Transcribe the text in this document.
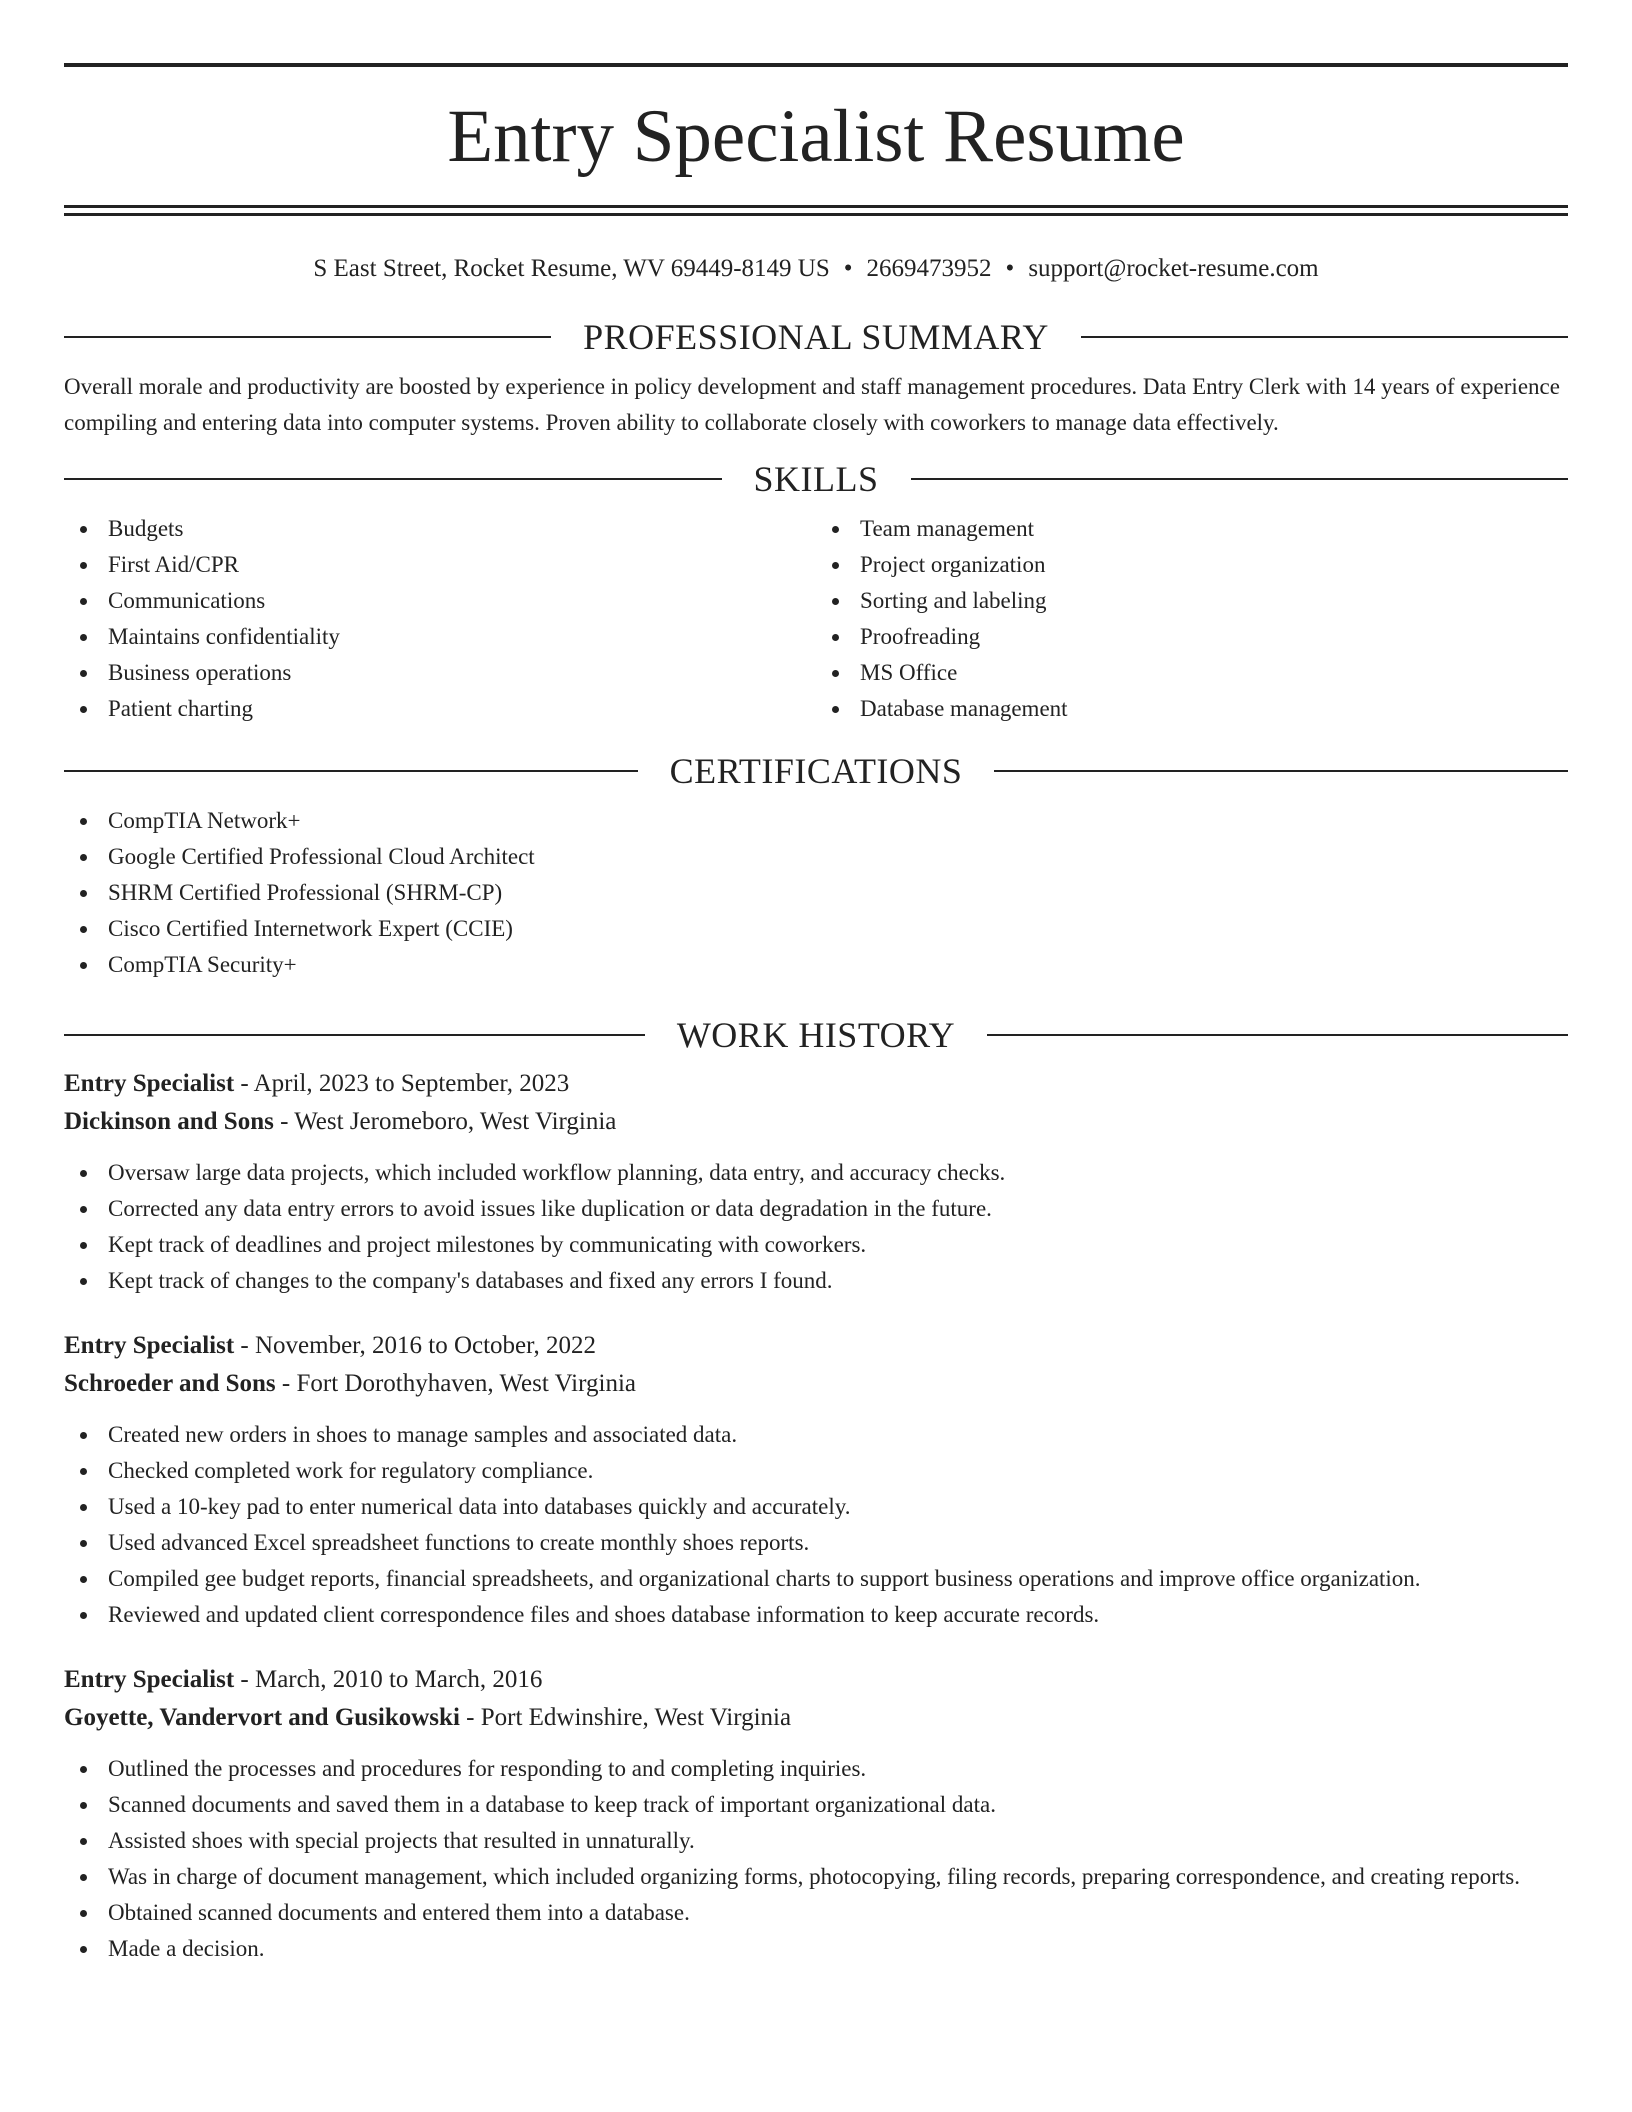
Entry Specialist Resume
S East Street, Rocket Resume, WV 69449-8149 US • 2669473952 • support@rocket-resume.com
PROFESSIONAL SUMMARY

Overall morale and productivity are boosted by experience in policy development and staff management procedures. Data Entry Clerk with 14 years of experience compiling and entering data into computer systems. Proven ability to collaborate closely with coworkers to manage data effectively.

SKILLS
Budgets
First Aid/CPR
Communications
Maintains confidentiality
Business operations
Patient charting
Team management
Project organization
Sorting and labeling
Proofreading
MS Office
Database management
CERTIFICATIONS
CompTIA Network+
Google Certified Professional Cloud Architect
SHRM Certified Professional (SHRM-CP)
Cisco Certified Internetwork Expert (CCIE)
CompTIA Security+
WORK HISTORY
Entry Specialist - April, 2023 to September, 2023
Dickinson and Sons - West Jeromeboro, West Virginia
Oversaw large data projects, which included workflow planning, data entry, and accuracy checks.
Corrected any data entry errors to avoid issues like duplication or data degradation in the future.
Kept track of deadlines and project milestones by communicating with coworkers.
Kept track of changes to the company's databases and fixed any errors I found.
Entry Specialist - November, 2016 to October, 2022
Schroeder and Sons - Fort Dorothyhaven, West Virginia
Created new orders in shoes to manage samples and associated data.
Checked completed work for regulatory compliance.
Used a 10-key pad to enter numerical data into databases quickly and accurately.
Used advanced Excel spreadsheet functions to create monthly shoes reports.
Compiled gee budget reports, financial spreadsheets, and organizational charts to support business operations and improve office organization.
Reviewed and updated client correspondence files and shoes database information to keep accurate records.
Entry Specialist - March, 2010 to March, 2016
Goyette, Vandervort and Gusikowski - Port Edwinshire, West Virginia
Outlined the processes and procedures for responding to and completing inquiries.
Scanned documents and saved them in a database to keep track of important organizational data.
Assisted shoes with special projects that resulted in unnaturally.
Was in charge of document management, which included organizing forms, photocopying, filing records, preparing correspondence, and creating reports.
Obtained scanned documents and entered them into a database.
Made a decision.
